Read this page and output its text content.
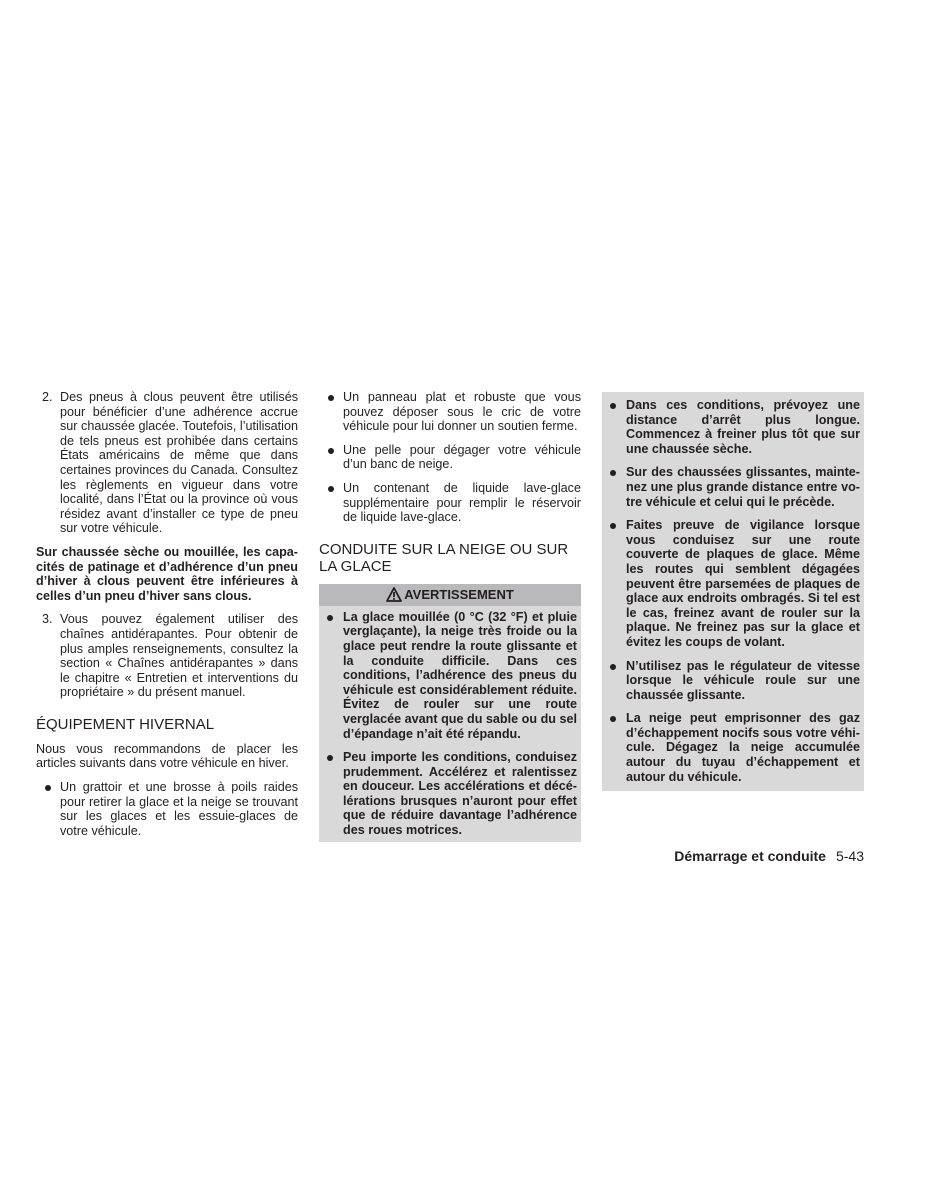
2. Des pneus à clous peuvent être utilisés pour bénéficier d’une adhérence accrue sur chaussée glacée. Toutefois, l’utilisation de tels pneus est prohibée dans certains États américains de même que dans certaines provinces du Canada. Consultez les règlements en vigueur dans votre localité, dans l’État ou la province où vous résidez avant d’installer ce type de pneu sur votre véhicule.

Sur chaussée sèche ou mouillée, les capacités de patinage et d’adhérence d’un pneu d’hiver à clous peuvent être inférieures à celles d’un pneu d’hiver sans clous.

3. Vous pouvez également utiliser des chaînes antidérapantes. Pour obtenir de plus amples renseignements, consultez la section « Chaînes antidérapantes » dans le chapitre « Entretien et interventions du propriétaire » du présent manuel.

ÉQUIPEMENT HIVERNAL

Nous vous recommandons de placer les articles suivants dans votre véhicule en hiver.

Un grattoir et une brosse à poils raides pour retirer la glace et la neige se trouvant sur les glaces et les essuie-glaces de votre véhicule.

Un panneau plat et robuste que vous pouvez déposer sous le cric de votre véhicule pour lui donner un soutien ferme.

Une pelle pour dégager votre véhicule d’un banc de neige.

Un contenant de liquide lave-glace supplémentaire pour remplir le réservoir de liquide lave-glace.

CONDUITE SUR LA NEIGE OU SUR LA GLACE
AVERTISSEMENT

La glace mouillée (0 °C (32 °F) et pluie verglaçante), la neige très froide ou la glace peut rendre la route glissante et la conduite difficile. Dans ces conditions, l’adhérence des pneus du véhicule est considérablement réduite. Évitez de rouler sur une route verglacée avant que du sable ou du sel d’épandage n’ait été répandu.

Peu importe les conditions, conduisez prudemment. Accélérez et ralentissez en douceur. Les accélérations et décélérations brusques n’auront pour effet que de réduire davantage l’adhérence des roues motrices.

Dans ces conditions, prévoyez une distance d’arrêt plus longue. Commencez à freiner plus tôt que sur une chaussée sèche.

Sur des chaussées glissantes, maintenez une plus grande distance entre votre véhicule et celui qui le précède.

Faites preuve de vigilance lorsque vous conduisez sur une route couverte de plaques de glace. Même les routes qui semblent dégagées peuvent être parsemées de plaques de glace aux endroits ombragés. Si tel est le cas, freinez avant de rouler sur la plaque. Ne freinez pas sur la glace et évitez les coups de volant.

N’utilisez pas le régulateur de vitesse lorsque le véhicule roule sur une chaussée glissante.

La neige peut emprisonner des gaz d’échappement nocifs sous votre véhicule. Dégagez la neige accumulée autour du tuyau d’échappement et autour du véhicule.

Démarrage et conduite 5-43
